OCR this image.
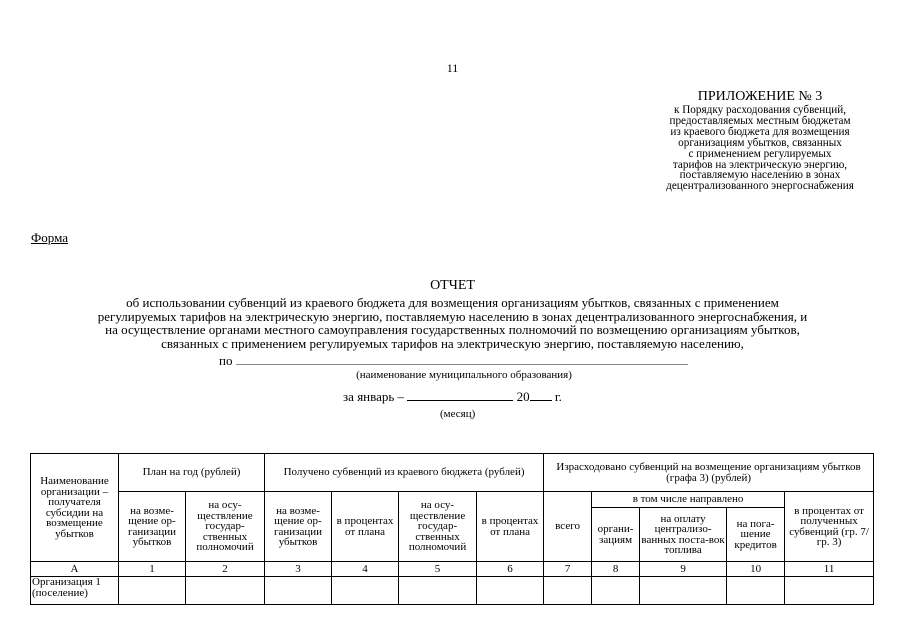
11
ПРИЛОЖЕНИЕ № 3
к Порядку расходования субвенций,
предоставляемых местным бюджетам
из краевого бюджета для возмещения
организациям убытков, связанных
с применением регулируемых
тарифов на электрическую энергию,
поставляемую населению в зонах
децентрализованного энергоснабжения
Форма
ОТЧЕТ
об использовании субвенций из краевого бюджета для возмещения организациям убытков, связанных с применением
регулируемых тарифов на электрическую энергию, поставляемую населению в зонах децентрализованного энергоснабжения, и
на осуществление органами местного самоуправления государственных полномочий по возмещению организациям убытков,
связанных с применением регулируемых тарифов на электрическую энергию, поставляемую населению,
по
(наименование муниципального образования)
за январь –	20 г.
(месяц)
Наименование организации – получателя субсидии на возмещение убытков	План на год (рублей)		Получено субвенций из краевого бюджета (рублей)				Израсходовано субвенций на возмещение организациям убытков (графа 3) (рублей)				
	на возме-щение ор-ганизации убытков	на осу-ществление государ-ственных полномочий	на возме-щение ор-ганизации убытков	в процентах от плана	на осу-ществление государ-ственных полномочий	в процентах от плана	всего	в том числе направлено			в процентах от полученных субвенций (гр. 7/гр. 3)
								органи-зациям	на оплату централизо-ванных поста-вок топлива	на пога-шение кредитов	
А	1	2	3	4	5	6	7	8	9	10	11
Организация 1 (поселение)											
